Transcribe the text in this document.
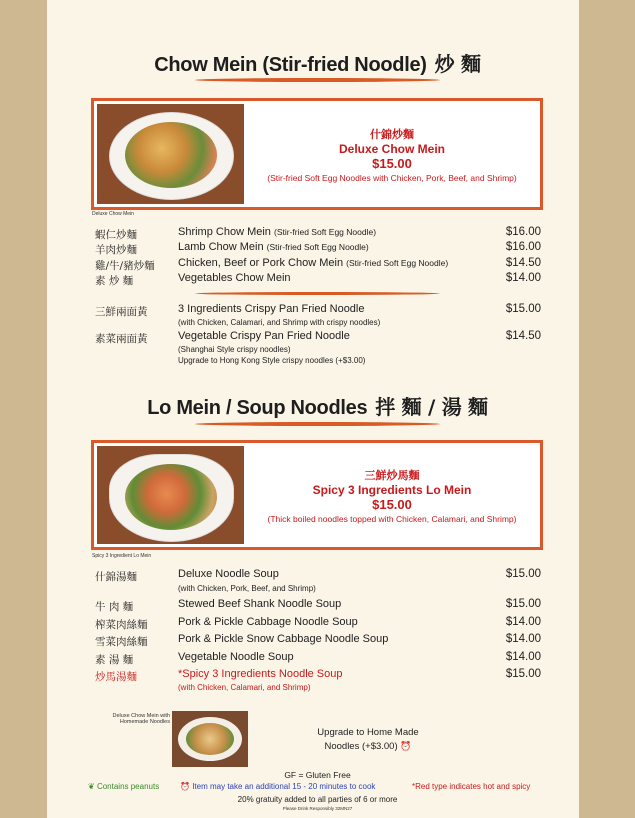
Chow Mein (Stir-fried Noodle) 炒 麵
什錦炒麵
Deluxe Chow Mein
$15.00
(Stir-fried Soft Egg Noodles with Chicken, Pork, Beef, and Shrimp)
Deluxe Chow Mein
蝦仁炒麵	Shrimp Chow Mein (Stir-fried Soft Egg Noodle)	$16.00
羊肉炒麵	Lamb Chow Mein (Stir-fried Soft Egg Noodle)	$16.00
雞/牛/豬炒麵 Chicken, Beef or Pork Chow Mein (Stir-fried Soft Egg Noodle)	$14.50
素 炒 麵	Vegetables Chow Mein	$14.00
三鮮兩面黃	3 Ingredients Crispy Pan Fried Noodle	$15.00
(with Chicken, Calamari, and Shrimp with crispy noodles)
素菜兩面黃	Vegetable Crispy Pan Fried Noodle	$14.50
(Shanghai Style crispy noodles)
Upgrade to Hong Kong Style crispy noodles (+$3.00)
Lo Mein / Soup Noodles 拌 麵 / 湯 麵
三鮮炒馬麵
Spicy 3 Ingredients Lo Mein
$15.00
(Thick boiled noodles topped with Chicken, Calamari, and Shrimp)
Spicy 3 Ingredient Lo Mein
什錦湯麵	Deluxe Noodle Soup	$15.00
(with Chicken, Pork, Beef, and Shrimp)
牛 肉 麵	Stewed Beef Shank Noodle Soup	$15.00
榨菜肉絲麵	Pork & Pickle Cabbage Noodle Soup	$14.00
雪菜肉絲麵	Pork & Pickle Snow Cabbage Noodle Soup	$14.00
素 湯 麵	Vegetable Noodle Soup	$14.00
炒馬湯麵	*Spicy 3 Ingredients Noodle Soup	$15.00
(with Chicken, Calamari, and Shrimp)
Deluxe Chow Mein with Homemade Noodles
Upgrade to Home Made
Noodles (+$3.00) ⏰
GF = Gluten Free
❦ Contains peanuts	⏰ Item may take an additional 15 - 20 minutes to cook	*Red type indicates hot and spicy
20% gratuity added to all parties of 6 or more
Please Drink Responsibly 32MN27
